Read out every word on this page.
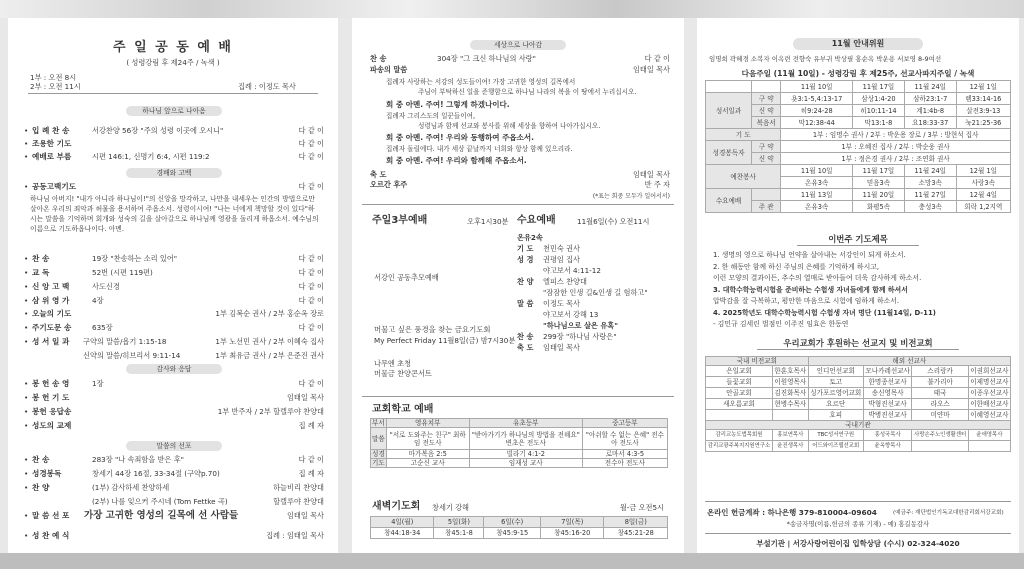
주 일 공 동 예 배
( 성령강림 후 제24주 / 녹색 )
1부 : 오전 8시
2부 : 오전 11시	집례 : 이정도 목사
하나님 앞으로 나아옴
경배와 고백
감사와 응답
말씀의 선포
• 입 례 찬 송	서강찬양 56장 "주의 성령 이곳에 오시니"	다 같 이
• 조용한 기도	다 같 이
• 예배로 부름	시편 146:1, 신명기 6:4, 시편 119:2	다 같 이
• 공동고백기도	다 같 이
• 찬 송	19장 "찬송하는 소리 있어"	다 같 이
• 교 독	52번 (시편 119편)	다 같 이
• 신 앙 고 백	사도신경	다 같 이
• 삼 위 영 가	4장	다 같 이
• 오늘의 기도	1부 김복순 권사 / 2부 홍순옥 장로
• 주기도문 송	635장	다 같 이
• 성 서 일 과 구약의 말씀/욥기 1:15-18	1부 노선민 권사 / 2부 이혜숙 집사
신약의 말씀/히브리서 9:11-14	1부 최유금 권사 / 2부 은준진 권사
• 봉 헌 송 영	1장	다 같 이
• 봉 헌 기 도	임태일 목사
• 봉헌 응답송	1부 반주자 / 2부 할렐루야 찬양대
• 성도의 교제	집 례 자
• 찬 송	283장 "나 속죄함을 받은 후"	다 같 이
• 성경봉독	창세기 44장 16절, 33-34절 (구약p.70)	집 례 자
• 찬 양	(1부) 감사하세 찬양하세	하늘비리 찬양대
(2부) 나를 잊으커 주시네 (Tom Fettke 곡)	할렐루야 찬양대
• 말 씀 선 포 가장 고귀한 영성의 길목에 선 사람들	임태일 목사
• 성 찬 예 식	집례 : 임태일 목사
하나님 아버지! "내가 아니라 하나님이!"의 신앙을 망각하고, 나만을 내세우는 인간의 방법으로만 살아온 우리의 죄악과 허물을 용서하여 주옵소서. 성령이시여! "나는 너에게 책망할 것이 있다"하시는 말씀을 기억하며 회개와 성숙의 길을 살아갈으로 하나님께 영광을 돌리게 하옵소서. 예수님의 이름으로 기도하옵나이다. 아멘.
세상으로 나아감
찬 송	304장 "그 크신 하나님의 사랑"	다 같 이
파송의 말씀	임태일 목사
집례자 사랑하는 서강의 성도들이여! 가장 고귀한 영성의 길목에서
주님이 부탁하신 일을 준행함으로 하나님 나라의 복을 이 땅에서 누리십시오.
회 중 아멘. 주여! 그렇게 하겠나이다.
집례자 그리스도의 일꾼들이여,
성령님과 함께 선교와 봉사를 위해 세상을 향하여 나아가십시오.
회 중 아멘. 주여! 우리와 동행하여 주옵소서.
집례자 돌릴에다. 내가 세상 끝날까지 너희와 항상 함께 있으리라.
회 중 아멘. 주여! 우리와 함께해 주옵소서.
축 도	임태일 목사
오르간 후주	반 주 자
(*표는 회중 모두가 일어서서)
주일3부예배	오후1시30분
서강인 공동추모예배
수요예배	11월6일(수) 오전11시
온유2속
기 도 천민숙 권사
성 경 권평임 집사
야고보서 4:11-12
찬 양 엘피스 찬양대
"잠잠한 인생 길&인생 길 험하고"
말 씀 이정도 목사
야고보서 강해 13
"하나님으로 살은 유혹"
찬 송 299장 "하나님 사랑은"
축 도 임태일 목사
머물고 싶은 풍경을 찾는 금요기도회
My Perfect Friday 11월8일(금) 밤7시30분
나무엔 초청
머물금 찬양콘서트
교회학교 예배
부서	영유치부	유초등부	중고등부
말씀	"서로 도와주는 친구" 최하임 전도사	"받아가기가 하나님의 방법을 전해요" 변초은 전도사	"아쉬할 수 없는 은혜" 전수아 전도사
성경	마가복음 2:5	빌라기 4:1-2	로마서 4:3-5
기도	고순신 교사	임재성 교사	전수아 전도사
새벽기도회 창세기 강해	월-금 오전5시
4일(월)	5일(화)	6일(수)	7일(목)	8일(금)
창44:18-34	창45:1-8	창45:9-15	창45:16-20	창45:21-28
11월 안내위원
임명희 곽혜경 소복자 이옥련 전향숙 유부귀 박상필 홍순옥 박운용 서보영 8-9여선
다음주일 (11월 10일) - 성령강림 후 제25주, 선교사파지주일 / 녹색
		11월 10일	11월 17일	11월 24일	12월 1일
성서일과	구 약	욧3:1-5,4:13-17	삼상1:4-20	삼하23:1-7	렘33:14-16
	신 약	히9:24-28	히10:11-14	계1:4b-8	살전3:9-13
	복음서	막12:38-44	막13:1-8	요18:33-37	눅21:25-36
기 도		1부 : 임명수 권사 / 2부 : 박운용 장로 / 3부 : 방현석 집사			
성경봉독자	구 약	1부 : 오혜진 집사 / 2부 : 박순웅 권사			
	신 약	1부 : 정은경 권사 / 2부 : 조연화 권사			
예찬봉사		11월 10일	11월 17일	11월 24일	12월 1일
		온유3속	믿음3속	소망3속	사랑3속
수요예배		11월 13일	11월 20일	11월 27일	12월 4일
	주 관	온유3속	화평5속	충성3속	희락 1,2지역
이번주 기도제목
1. 생명의 영으로 하나님 언약을 살아내는 서강인이 되게 하소서.
2. 한 해동안 함께 하신 주님의 은혜를 기억하게 하시고,
이런 모양의 결과이든, 추수의 열매로 받아들여 더욱 감사하게 하소서.
3. 대학수학능력시험을 준비하는 수험생 자녀들에게 함께 하셔서
압박감을 잘 극복하고, 평안한 마음으로 시험에 임하게 하소서.
4. 2025학년도 대학수학능력시험 수험생 자녀 명단 (11월14일, D-11)
- 김민규 김세린 벌점인 이주진 임효은 한동연
우리교회가 후원하는 선교지 및 비전교회
국내 비전교회		해외 선교사			
은일교회	한훈호목사	인디언선교회	모나카레선교사	스리랑카	이권희선교사
들꽃교회	이원영목사	토고	한명종선교사	불가리아	이제명선교사
안골교회	김진화목사	싱가포르영어교회	송신영목사	태국	이종우선교사
새오름교회	현병수목사	요르단	박형진선교사	라오스	이한배선교사
		호피	박병진선교사	미얀마	이혜영선교사
국내기관					
감리교농도법목회원	홍보연목사	TBC성서연구원	홍성국목사	사랑손주노인생활센터	윤애영목사
감리교광주복지지원연구소	윤진생목사	어드와이즈웹선교회	윤옥향목사		
온라인 헌금계좌 : 하나은행 379-810004-09604	(예금주: 재단법인기독교대한감리회서강교회)
*송금자명(이름,헌금의 종류 기재) - 예) 홍길동감사
부설기관 | 서강사랑어린이집 입학상담 (수시) 02-324-4020
